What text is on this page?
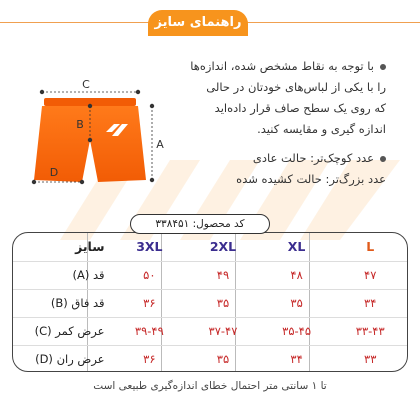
راهنمای سایز
C
B
A
D
با توجه به نقاط مشخص شده، اندازه‌ها
را با یکی از لباس‌های خودتان در حالی
که روی یک سطح صاف قرار داده‌اید
اندازه گیری و مقایسه کنید.
عدد کوچک‌تر: حالت عادی
عدد بزرگ‌تر: حالت کشیده شده
سایز	3XL	2XL	XL	L
قد (A)	۵۰	۴۹	۴۸	۴۷
قد فاق (B)	۳۶	۳۵	۳۵	۳۴
عرض کمر (C)	۳۹-۴۹	۳۷-۴۷	۳۵-۴۵	۳۳-۴۳
عرض ران (D)	۳۶	۳۵	۳۴	۳۳
کد محصول: ۳۳۸۴۵۱
تا ۱ سانتی متر احتمال خطای اندازه‌گیری طبیعی است
